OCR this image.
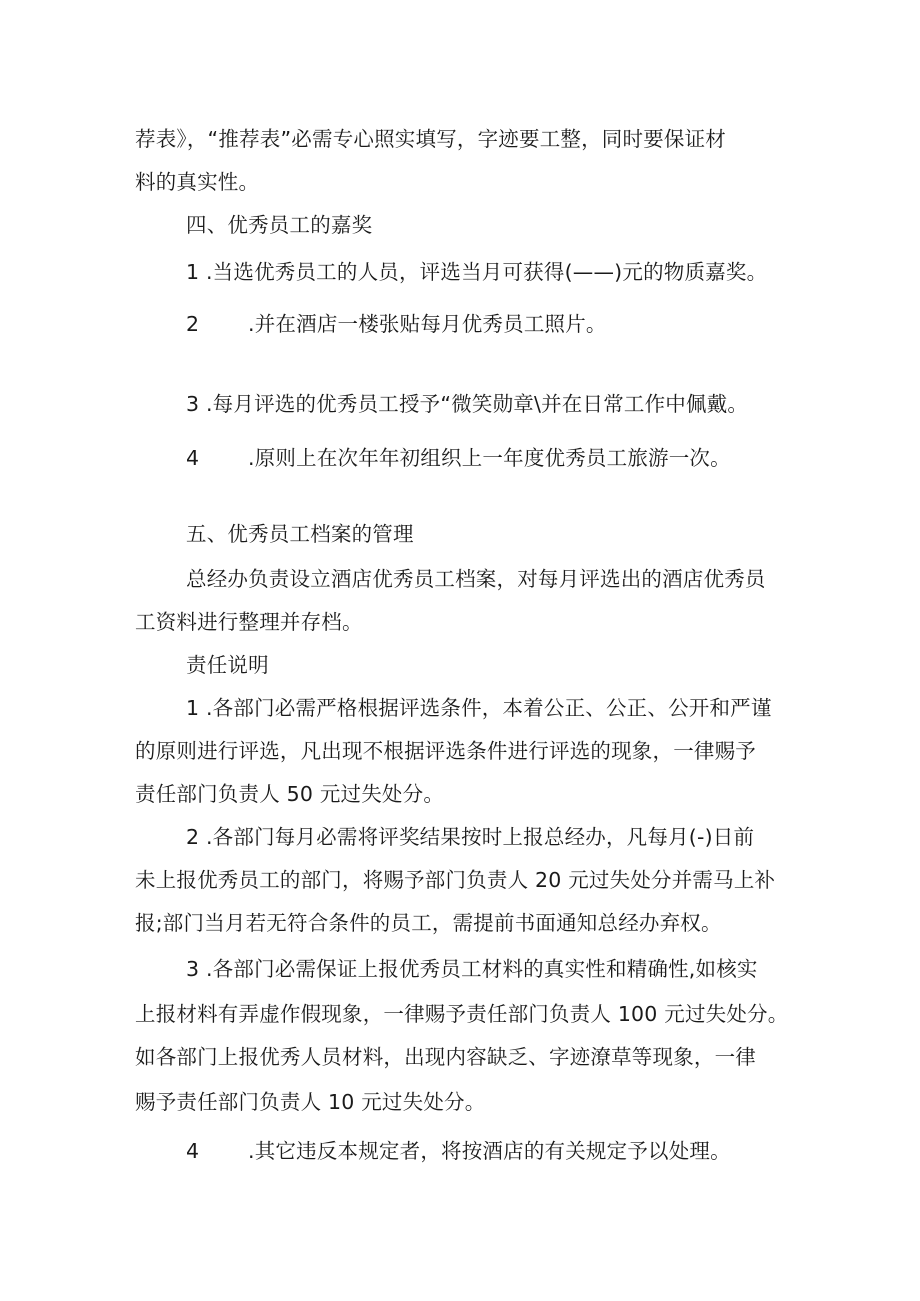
荐表》，“推荐表”必需专心照实填写，字迹要工整，同时要保证材
料的真实性。
四、优秀员工的嘉奖
1 .当选优秀员工的人员，评选当月可获得(——)元的物质嘉奖。
2 .并在酒店一楼张贴每月优秀员工照片。
3 .每月评选的优秀员工授予“微笑勋章\并在日常工作中佩戴。
4 .原则上在次年年初组织上一年度优秀员工旅游一次。
五、优秀员工档案的管理
总经办负责设立酒店优秀员工档案，对每月评选出的酒店优秀员
工资料进行整理并存档。
责任说明
1 .各部门必需严格根据评选条件，本着公正、公正、公开和严谨
的原则进行评选，凡出现不根据评选条件进行评选的现象，一律赐予
责任部门负责人 50 元过失处分。
2 .各部门每月必需将评奖结果按时上报总经办，凡每月(-)日前
未上报优秀员工的部门，将赐予部门负责人 20 元过失处分并需马上补
报;部门当月若无符合条件的员工，需提前书面通知总经办弃权。
3 .各部门必需保证上报优秀员工材料的真实性和精确性,如核实
上报材料有弄虚作假现象，一律赐予责任部门负责人 100 元过失处分。
如各部门上报优秀人员材料，出现内容缺乏、字迹潦草等现象，一律
赐予责任部门负责人 10 元过失处分。
4 .其它违反本规定者，将按酒店的有关规定予以处理。
